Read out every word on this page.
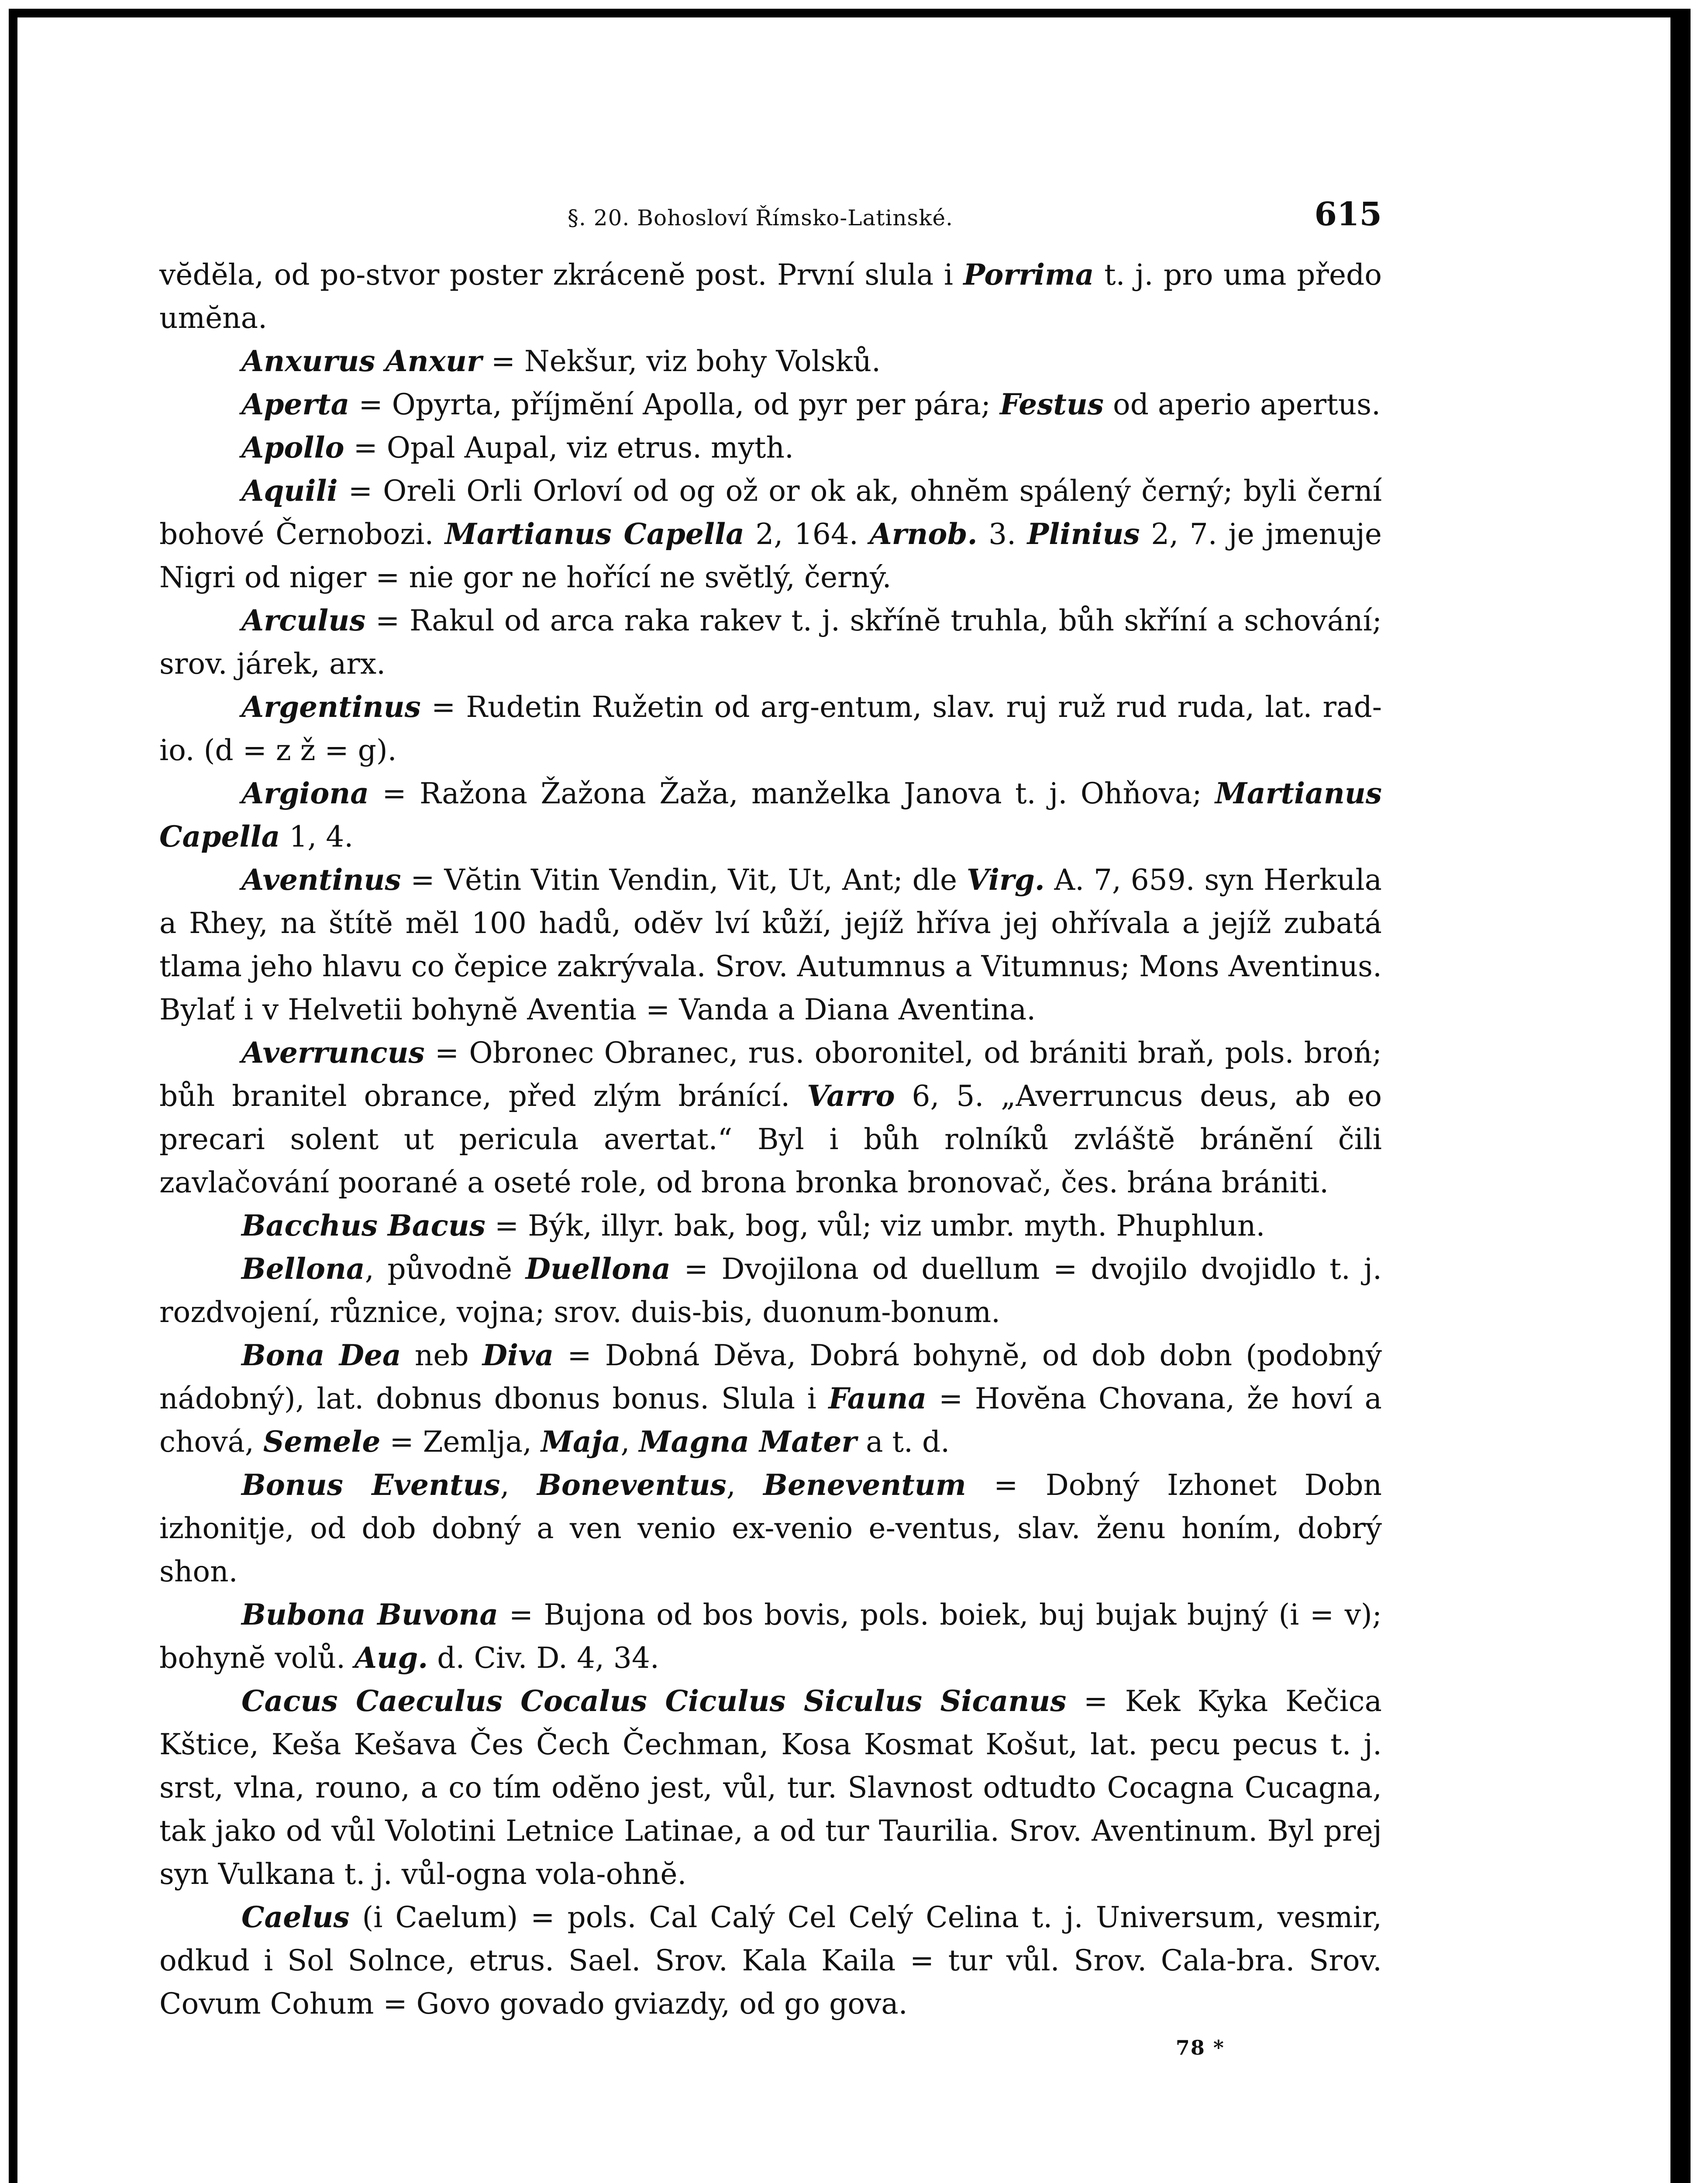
§. 20. Bohosloví Římsko-Latinské.	615

vĕdĕla, od po-stvor poster zkrácenĕ post. První slula i Porrima t. j. pro uma předo umĕna.

Anxurus Anxur = Nekšur, viz bohy Volsků.

Aperta = Opyrta, příjmĕní Apolla, od pyr per pára; Festus od aperio apertus.

Apollo = Opal Aupal, viz etrus. myth.

Aquili = Oreli Orli Orloví od og ož or ok ak, ohnĕm spálený černý; byli černí bohové Černobozi. Martianus Capella 2, 164. Arnob. 3. Plinius 2, 7. je jmenuje Nigri od niger = nie gor ne hořící ne svĕtlý, černý.

Arculus = Rakul od arca raka rakev t. j. skřínĕ truhla, bůh skříní a schování; srov. járek, arx.

Argentinus = Rudetin Ružetin od arg-entum, slav. ruj ruž rud ruda, lat. rad-io. (d = z ž = g).

Argiona = Ražona Žažona Žaža, manželka Janova t. j. Ohňova; Martianus Capella 1, 4.

Aventinus = Vĕtin Vitin Vendin, Vit, Ut, Ant; dle Virg. A. 7, 659. syn Herkula a Rhey, na štítĕ mĕl 100 hadů, odĕv lví kůží, jejíž hříva jej ohřívala a jejíž zubatá tlama jeho hlavu co čepice zakrývala. Srov. Autumnus a Vitumnus; Mons Aventinus. Bylať i v Helvetii bohynĕ Aventia = Vanda a Diana Aventina.

Averruncus = Obronec Obranec, rus. oboronitel, od brániti braň, pols. broń; bůh branitel obrance, před zlým bránící. Varro 6, 5. „Averruncus deus, ab eo precari solent ut pericula avertat.“ Byl i bůh rolníků zvláštĕ bránĕní čili zavlačování poorané a oseté role, od brona bronka bronovač, čes. brána brániti.

Bacchus Bacus = Býk, illyr. bak, bog, vůl; viz umbr. myth. Phuphlun.

Bellona, původnĕ Duellona = Dvojilona od duellum = dvojilo dvojidlo t. j. rozdvojení, různice, vojna; srov. duis-bis, duonum-bonum.

Bona Dea neb Diva = Dobná Dĕva, Dobrá bohynĕ, od dob dobn (podobný nádobný), lat. dobnus dbonus bonus. Slula i Fauna = Hovĕna Chovana, že hoví a chová, Semele = Zemlja, Maja, Magna Mater a t. d.

Bonus Eventus, Boneventus, Beneventum = Dobný Izhonet Dobn izhonitje, od dob dobný a ven venio ex-venio e-ventus, slav. ženu honím, dobrý shon.

Bubona Buvona = Bujona od bos bovis, pols. boiek, buj bujak bujný (i = v); bohynĕ volů. Aug. d. Civ. D. 4, 34.

Cacus Caeculus Cocalus Ciculus Siculus Sicanus = Kek Kyka Kečica Kštice, Keša Kešava Čes Čech Čechman, Kosa Kosmat Košut, lat. pecu pecus t. j. srst, vlna, rouno, a co tím odĕno jest, vůl, tur. Slavnost odtudto Cocagna Cucagna, tak jako od vůl Volotini Letnice Latinae, a od tur Taurilia. Srov. Aventinum. Byl prej syn Vulkana t. j. vůl-ogna vola-ohnĕ.

Caelus (i Caelum) = pols. Cal Calý Cel Celý Celina t. j. Universum, vesmir, odkud i Sol Solnce, etrus. Sael. Srov. Kala Kaila = tur vůl. Srov. Cala-bra. Srov. Covum Cohum = Govo govado gviazdy, od go gova.

78 *
